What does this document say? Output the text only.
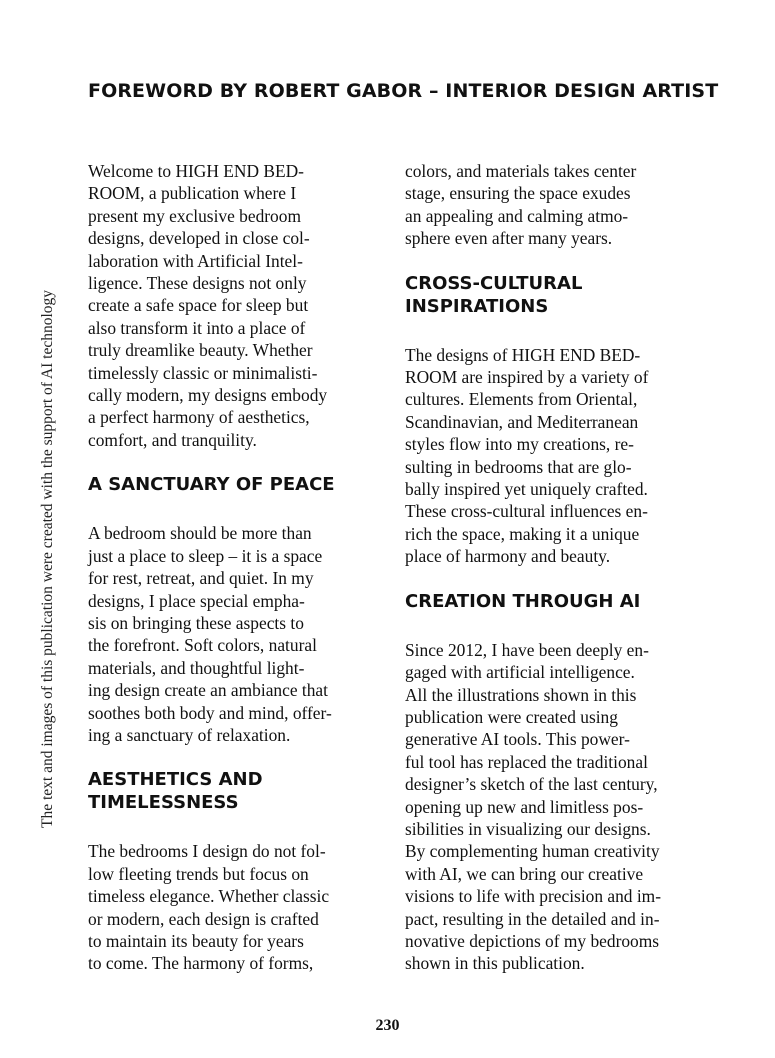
FOREWORD BY ROBERT GABOR – INTERIOR DESIGN ARTIST
The text and images of this publication were created with the support of AI technology

Welcome to HIGH END BED-
ROOM, a publication where I
present my exclusive bedroom
designs, developed in close col-
laboration with Artificial Intel-
ligence. These designs not only
create a safe space for sleep but
also transform it into a place of
truly dreamlike beauty. Whether
timelessly classic or minimalisti-
cally modern, my designs embody
a perfect harmony of aesthetics,
comfort, and tranquility.

A SANCTUARY OF PEACE

A bedroom should be more than
just a place to sleep – it is a space
for rest, retreat, and quiet. In my
designs, I place special empha-
sis on bringing these aspects to
the forefront. Soft colors, natural
materials, and thoughtful light-
ing design create an ambiance that
soothes both body and mind, offer-
ing a sanctuary of relaxation.

AESTHETICS AND
TIMELESSNESS

The bedrooms I design do not fol-
low fleeting trends but focus on
timeless elegance. Whether classic
or modern, each design is crafted
to maintain its beauty for years
to come. The harmony of forms,

colors, and materials takes center
stage, ensuring the space exudes
an appealing and calming atmo-
sphere even after many years.

CROSS-CULTURAL
INSPIRATIONS

The designs of HIGH END BED-
ROOM are inspired by a variety of
cultures. Elements from Oriental,
Scandinavian, and Mediterranean
styles flow into my creations, re-
sulting in bedrooms that are glo-
bally inspired yet uniquely crafted.
These cross-cultural influences en-
rich the space, making it a unique
place of harmony and beauty.

CREATION THROUGH AI

Since 2012, I have been deeply en-
gaged with artificial intelligence.
All the illustrations shown in this
publication were created using
generative AI tools. This power-
ful tool has replaced the traditional
designer’s sketch of the last century,
opening up new and limitless pos-
sibilities in visualizing our designs.
By complementing human creativity
with AI, we can bring our creative
visions to life with precision and im-
pact, resulting in the detailed and in-
novative depictions of my bedrooms
shown in this publication.

230
